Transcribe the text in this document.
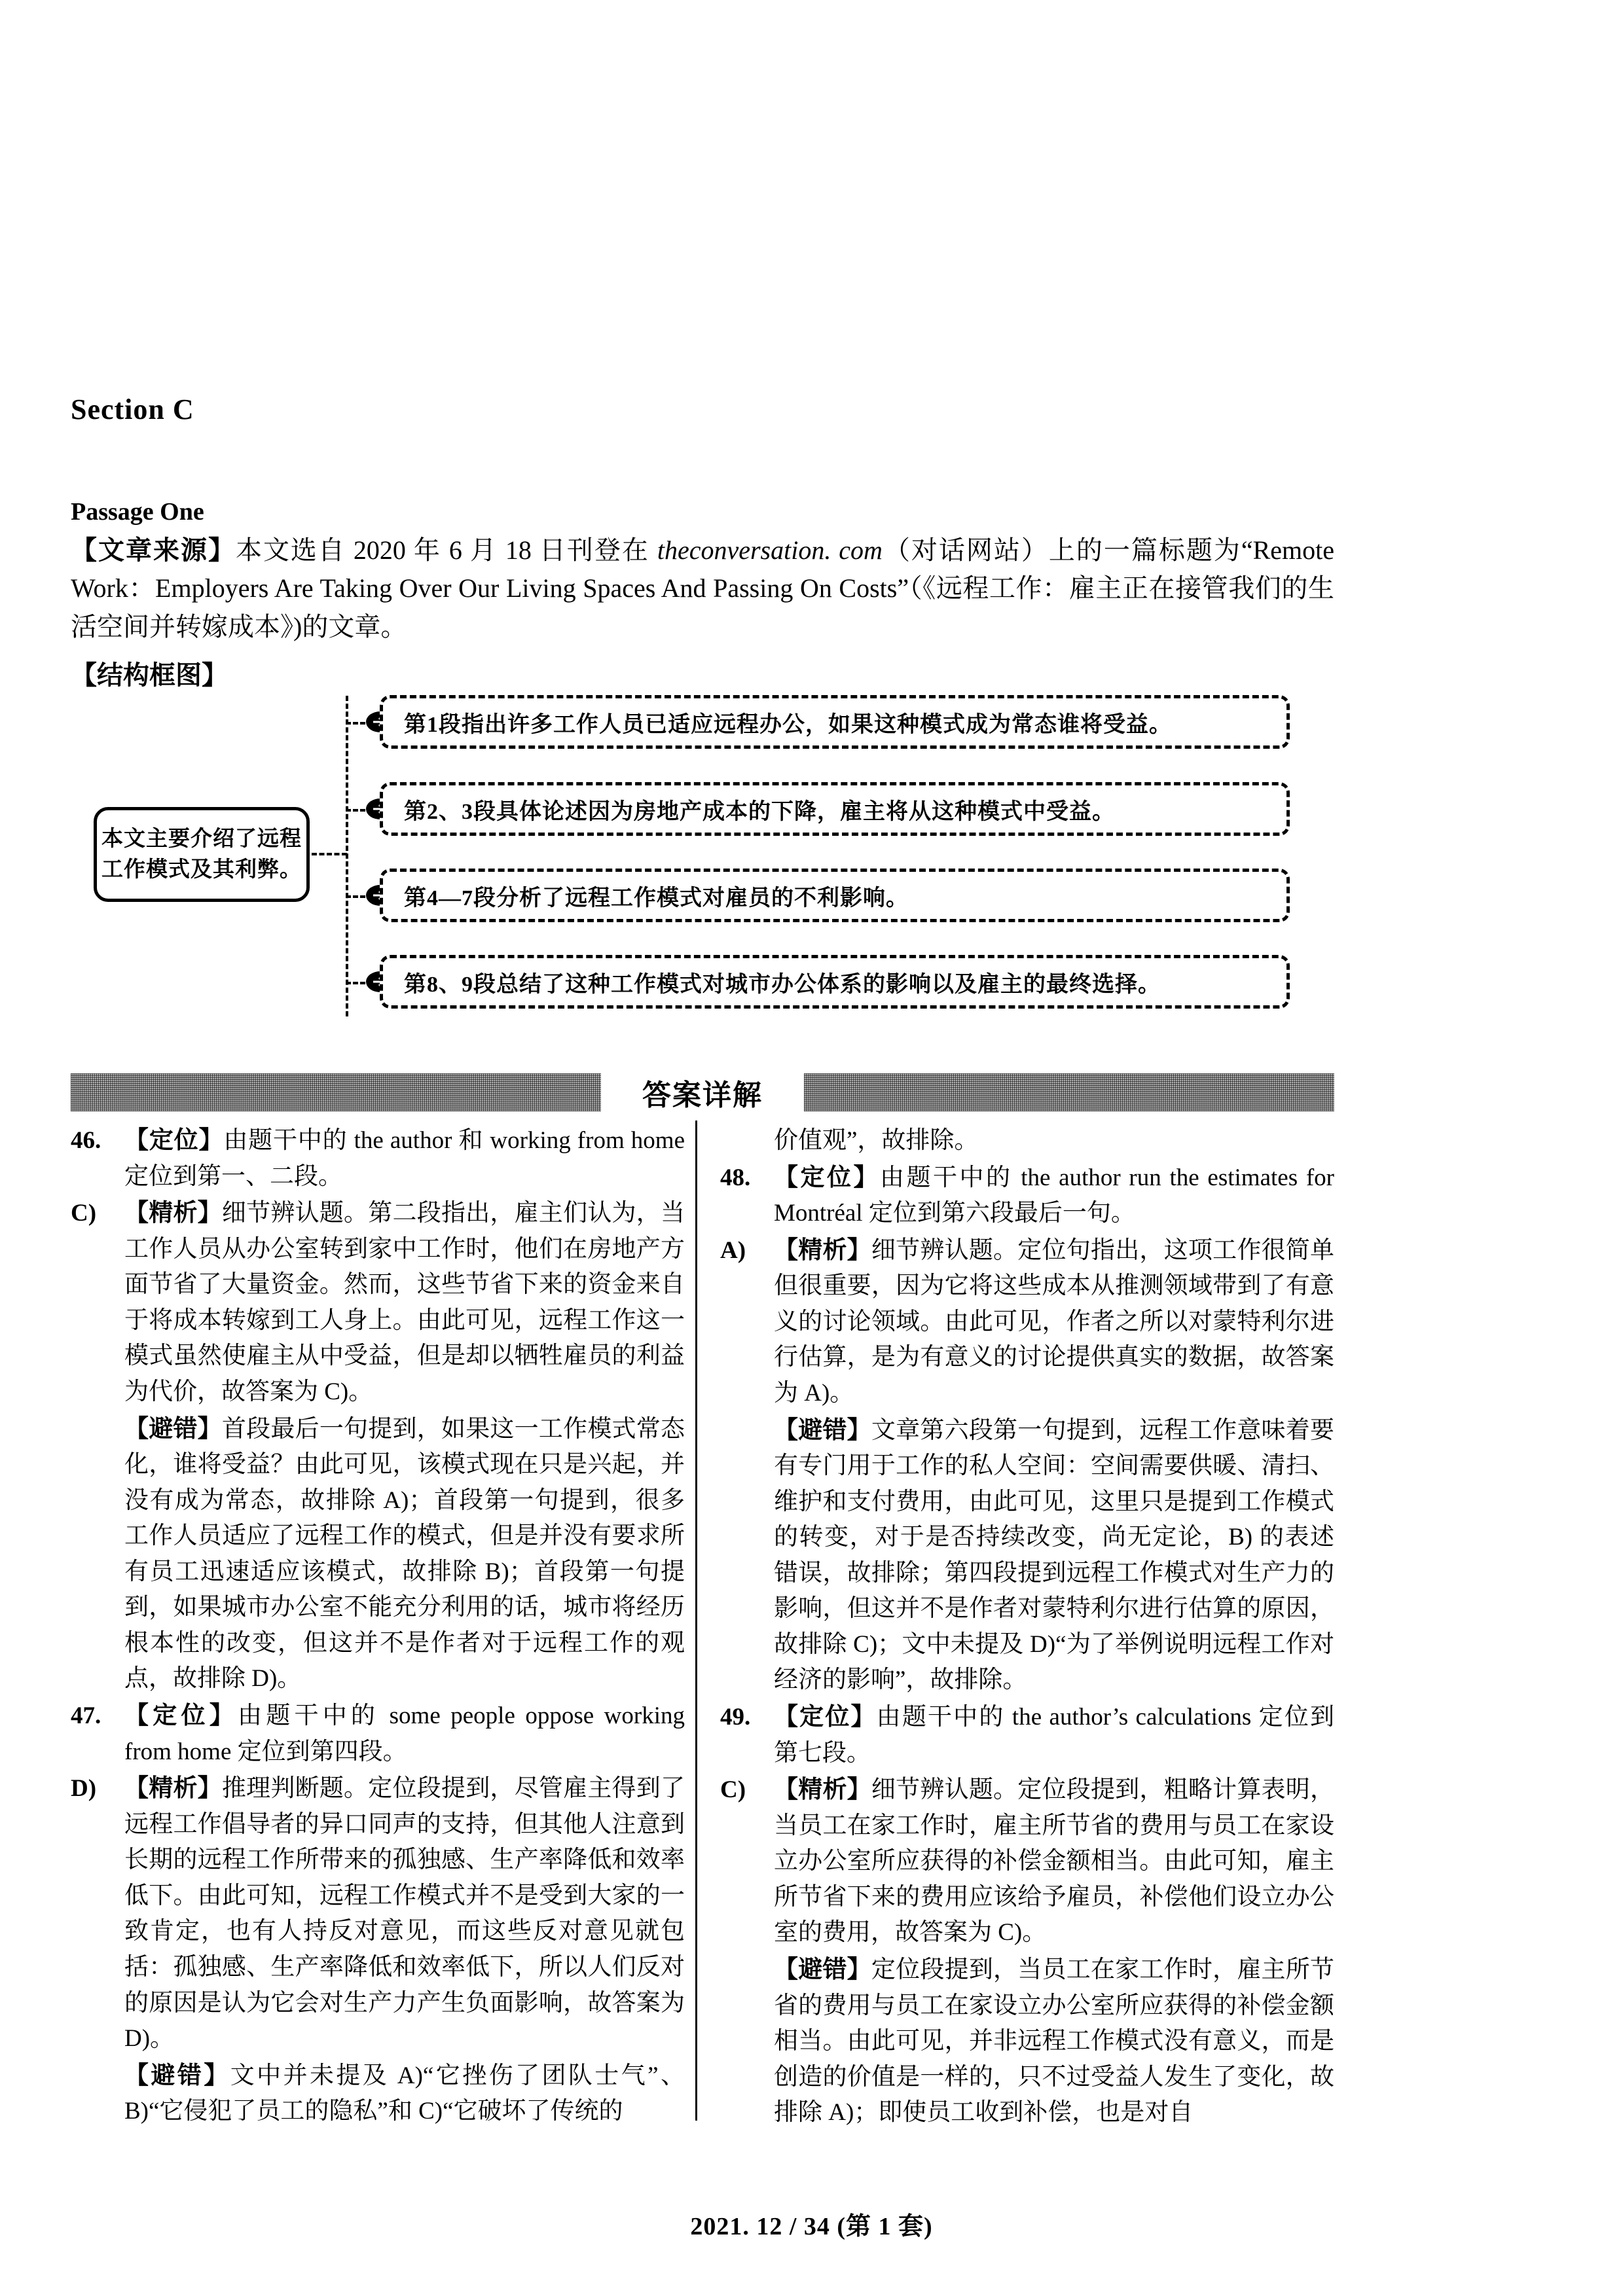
Section C
Passage One
【文章来源】本文选自 2020 年 6 月 18 日刊登在 theconversation. com（对话网站）上的一篇标题为“Remote Work：Employers Are Taking Over Our Living Spaces And Passing On Costs”（《远程工作：雇主正在接管我们的生活空间并转嫁成本》)的文章。
【结构框图】
本文主要介绍了远程
工作模式及其利弊。
第1段指出许多工作人员已适应远程办公，如果这种模式成为常态谁将受益。
第2、3段具体论述因为房地产成本的下降，雇主将从这种模式中受益。
第4—7段分析了远程工作模式对雇员的不利影响。
第8、9段总结了这种工作模式对城市办公体系的影响以及雇主的最终选择。
答案详解
46. 【定位】由题干中的 the author 和 working from home 定位到第一、二段。
C)	【精析】细节辨认题。第二段指出，雇主们认为，当工作人员从办公室转到家中工作时，他们在房地产方面节省了大量资金。然而，这些节省下来的资金来自于将成本转嫁到工人身上。由此可见，远程工作这一模式虽然使雇主从中受益，但是却以牺牲雇员的利益为代价，故答案为 C)。
【避错】首段最后一句提到，如果这一工作模式常态化，谁将受益？由此可见，该模式现在只是兴起，并没有成为常态，故排除 A)；首段第一句提到，很多工作人员适应了远程工作的模式，但是并没有要求所有员工迅速适应该模式，故排除 B)；首段第一句提到，如果城市办公室不能充分利用的话，城市将经历根本性的改变，但这并不是作者对于远程工作的观点，故排除 D)。
47. 【定位】由题干中的 some people oppose working from home 定位到第四段。
D)	【精析】推理判断题。定位段提到，尽管雇主得到了远程工作倡导者的异口同声的支持，但其他人注意到长期的远程工作所带来的孤独感、生产率降低和效率低下。由此可知，远程工作模式并不是受到大家的一致肯定，也有人持反对意见，而这些反对意见就包括：孤独感、生产率降低和效率低下，所以人们反对的原因是认为它会对生产力产生负面影响，故答案为 D)。
【避错】文中并未提及 A)“它挫伤了团队士气”、B)“它侵犯了员工的隐私”和 C)“它破坏了传统的
价值观”，故排除。
48. 【定位】由题干中的 the author run the estimates for Montréal 定位到第六段最后一句。
A)	【精析】细节辨认题。定位句指出，这项工作很简单但很重要，因为它将这些成本从推测领域带到了有意义的讨论领域。由此可见，作者之所以对蒙特利尔进行估算，是为有意义的讨论提供真实的数据，故答案为 A)。
【避错】文章第六段第一句提到，远程工作意味着要有专门用于工作的私人空间：空间需要供暖、清扫、维护和支付费用，由此可见，这里只是提到工作模式的转变，对于是否持续改变，尚无定论，B) 的表述错误，故排除；第四段提到远程工作模式对生产力的影响，但这并不是作者对蒙特利尔进行估算的原因，故排除 C)；文中未提及 D)“为了举例说明远程工作对经济的影响”，故排除。
49. 【定位】由题干中的 the author’s calculations 定位到第七段。
C)	【精析】细节辨认题。定位段提到，粗略计算表明，当员工在家工作时，雇主所节省的费用与员工在家设立办公室所应获得的补偿金额相当。由此可知，雇主所节省下来的费用应该给予雇员，补偿他们设立办公室的费用，故答案为 C)。
【避错】定位段提到，当员工在家工作时，雇主所节省的费用与员工在家设立办公室所应获得的补偿金额相当。由此可见，并非远程工作模式没有意义，而是创造的价值是一样的，只不过受益人发生了变化，故排除 A)；即使员工收到补偿，也是对自
2021. 12 / 34 (第 1 套)
